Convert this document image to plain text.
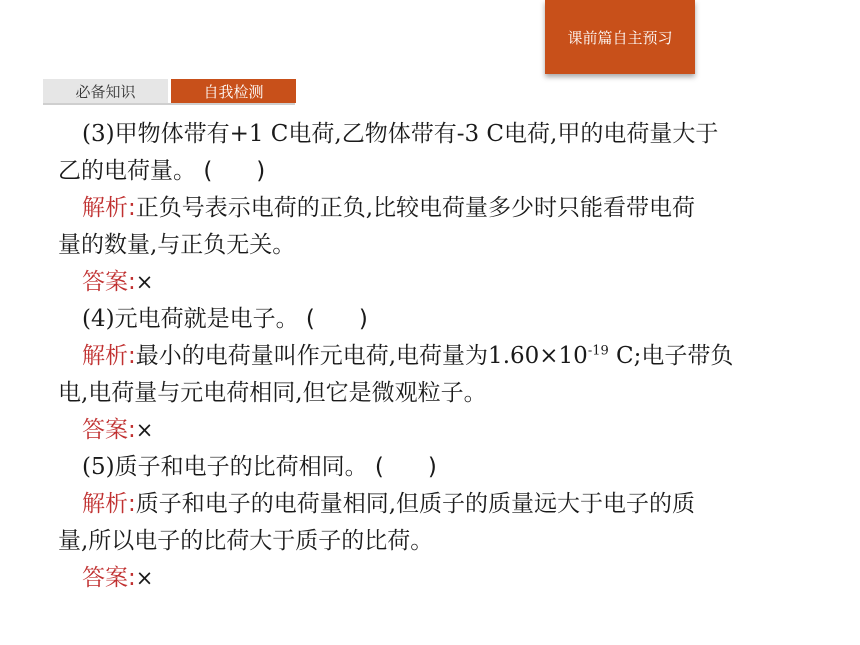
课前篇自主预习
必备知识	自我检测
(3)甲物体带有+1 C电荷,乙物体带有-3 C电荷,甲的电荷量大于
乙的电荷量。 ( )
解析:正负号表示电荷的正负,比较电荷量多少时只能看带电荷
量的数量,与正负无关。
答案:×
(4)元电荷就是电子。 ( )
解析:最小的电荷量叫作元电荷,电荷量为$1.60\times 10^{-19}$ C;电子带负
电,电荷量与元电荷相同,但它是微观粒子。
答案:×
(5)质子和电子的比荷相同。 ( )
解析:质子和电子的电荷量相同,但质子的质量远大于电子的质
量,所以电子的比荷大于质子的比荷。
答案:×
